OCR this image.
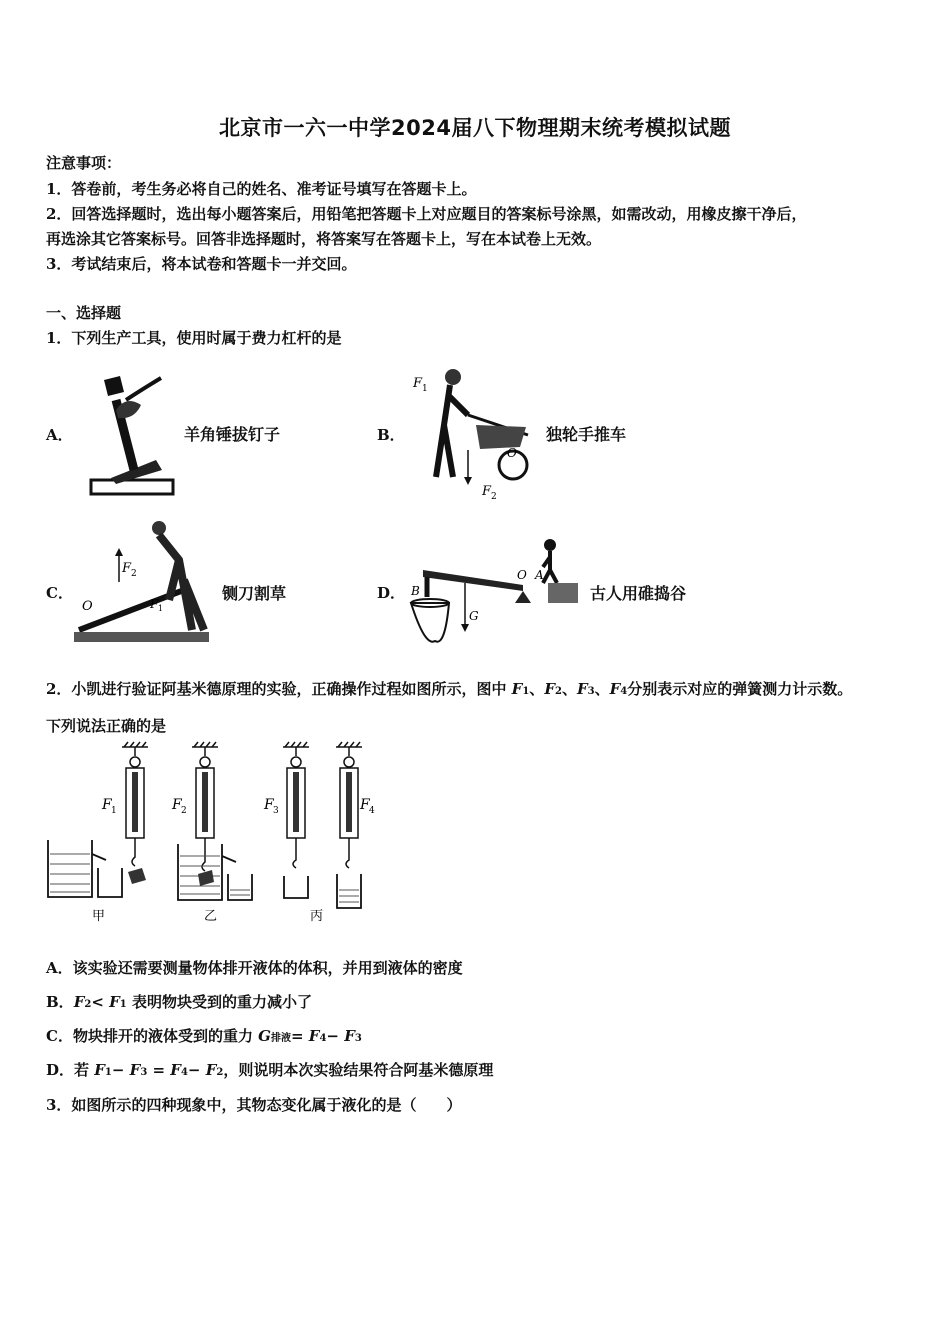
北京市一六一中学2024届八下物理期末统考模拟试题
注意事项：
1．答卷前，考生务必将自己的姓名、准考证号填写在答题卡上。
2．回答选择题时，选出每小题答案后，用铅笔把答题卡上对应题目的答案标号涂黑，如需改动，用橡皮擦干净后，
再选涂其它答案标号。回答非选择题时，将答案写在答题卡上，写在本试卷上无效。
3．考试结束后，将本试卷和答题卡一并交回。
一、选择题
1．下列生产工具，使用时属于费力杠杆的是
A．	羊角锤拔钉子	B．
F 1
O
F 2
独轮手推车
C．
F 2
O	F 1
铡刀割草	D． B
G
O A
古人用碓捣谷
2．小凯进行验证阿基米德原理的实验，正确操作过程如图所示，图中 F1、F2、F3、F4分别表示对应的弹簧测力计示数。
下列说法正确的是
F 1	F 2	F 3	F 4
甲	乙	丙
A．该实验还需要测量物体排开液体的体积，并用到液体的密度
B．F2< F1 表明物块受到的重力减小了
C．物块排开的液体受到的重力 G排液= F4− F3
D．若 F1− F3 = F4− F2，则说明本次实验结果符合阿基米德原理
3．如图所示的四种现象中，其物态变化属于液化的是（　　）
